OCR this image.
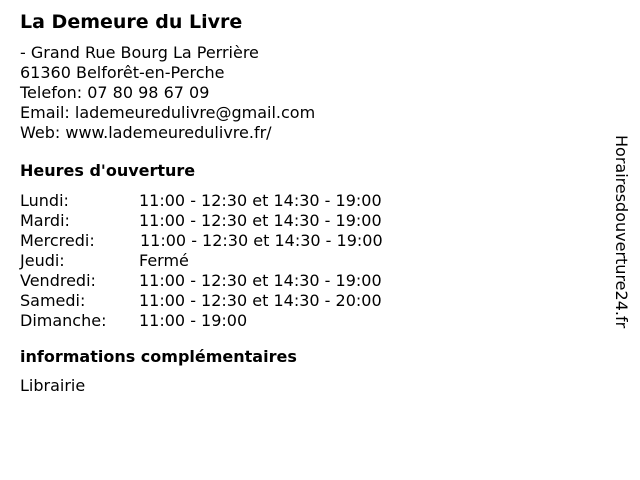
La Demeure du Livre
- Grand Rue Bourg La Perrière
61360 Belforêt-en-Perche
Telefon: 07 80 98 67 09
Email: lademeuredulivre@gmail.com
Web: www.lademeuredulivre.fr/
Heures d'ouverture
Lundi:	11:00 - 12:30 et 14:30 - 19:00
Mardi:	11:00 - 12:30 et 14:30 - 19:00
Mercredi:	11:00 - 12:30 et 14:30 - 19:00
Jeudi:	Fermé
Vendredi:	11:00 - 12:30 et 14:30 - 19:00
Samedi:	11:00 - 12:30 et 14:30 - 20:00
Dimanche:	11:00 - 19:00
informations complémentaires
Librairie
Horairesdouverture24.fr
